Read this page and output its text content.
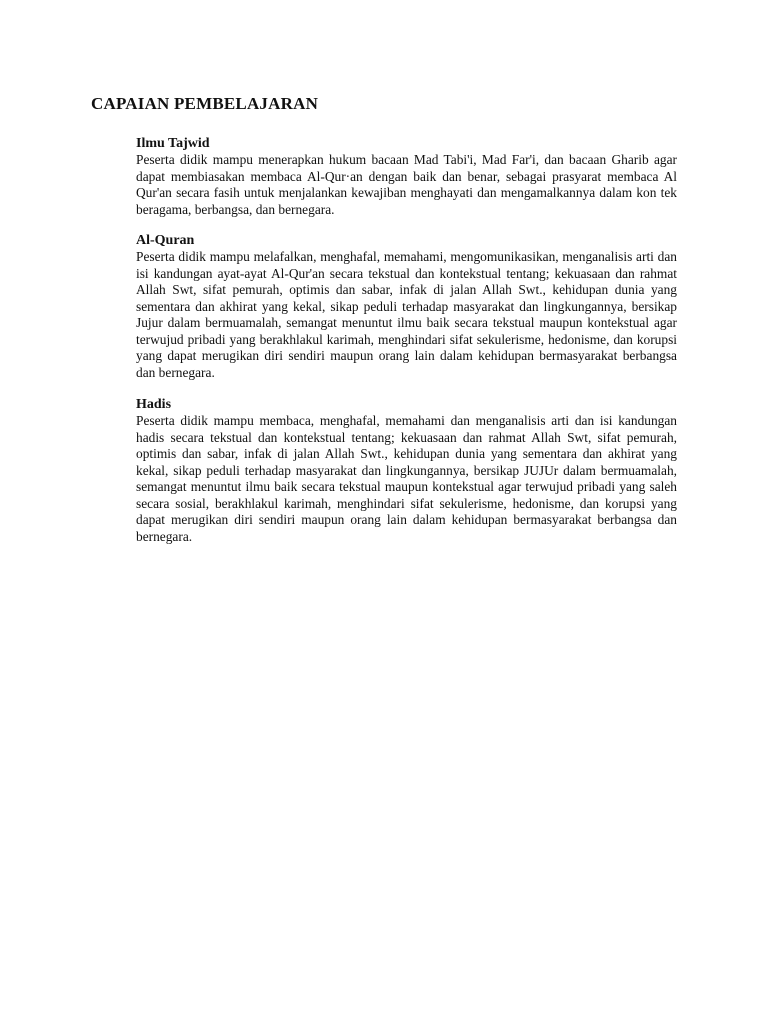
CAPAIAN PEMBELAJARAN
Ilmu Tajwid

Peserta didik mampu menerapkan hukum bacaan Mad Tabi'i, Mad Far'i, dan bacaan Gharib agar dapat membiasakan membaca Al-Qur·an dengan baik dan benar, sebagai prasyarat membaca Al Qur'an secara fasih untuk menjalankan kewajiban menghayati dan mengamalkannya dalam kon tek beragama, berbangsa, dan bernegara.

Al-Quran

Peserta didik mampu melafalkan, menghafal, memahami, mengomunikasikan, menganalisis arti dan isi kandungan ayat-ayat Al-Qur'an secara tekstual dan kontekstual tentang; kekuasaan dan rahmat Allah Swt, sifat pemurah, optimis dan sabar, infak di jalan Allah Swt., kehidupan dunia yang sementara dan akhirat yang kekal, sikap peduli terhadap masyarakat dan lingkungannya, bersikap Jujur dalam bermuamalah, semangat menuntut ilmu baik secara tekstual maupun kontekstual agar terwujud pribadi yang berakhlakul karimah, menghindari sifat sekulerisme, hedonisme, dan korupsi yang dapat merugikan diri sendiri maupun orang lain dalam kehidupan bermasyarakat berbangsa dan bernegara.

Hadis

Peserta didik mampu membaca, menghafal, memahami dan menganalisis arti dan isi kandungan hadis secara tekstual dan kontekstual tentang; kekuasaan dan rahmat Allah Swt, sifat pemurah, optimis dan sabar, infak di jalan Allah Swt., kehidupan dunia yang sementara dan akhirat yang kekal, sikap peduli terhadap masyarakat dan lingkungannya, bersikap JUJUr dalam bermuamalah, semangat menuntut ilmu baik secara tekstual maupun kontekstual agar terwujud pribadi yang saleh secara sosial, berakhlakul karimah, menghindari sifat sekulerisme, hedonisme, dan korupsi yang dapat merugikan diri sendiri maupun orang lain dalam kehidupan bermasyarakat berbangsa dan bernegara.
